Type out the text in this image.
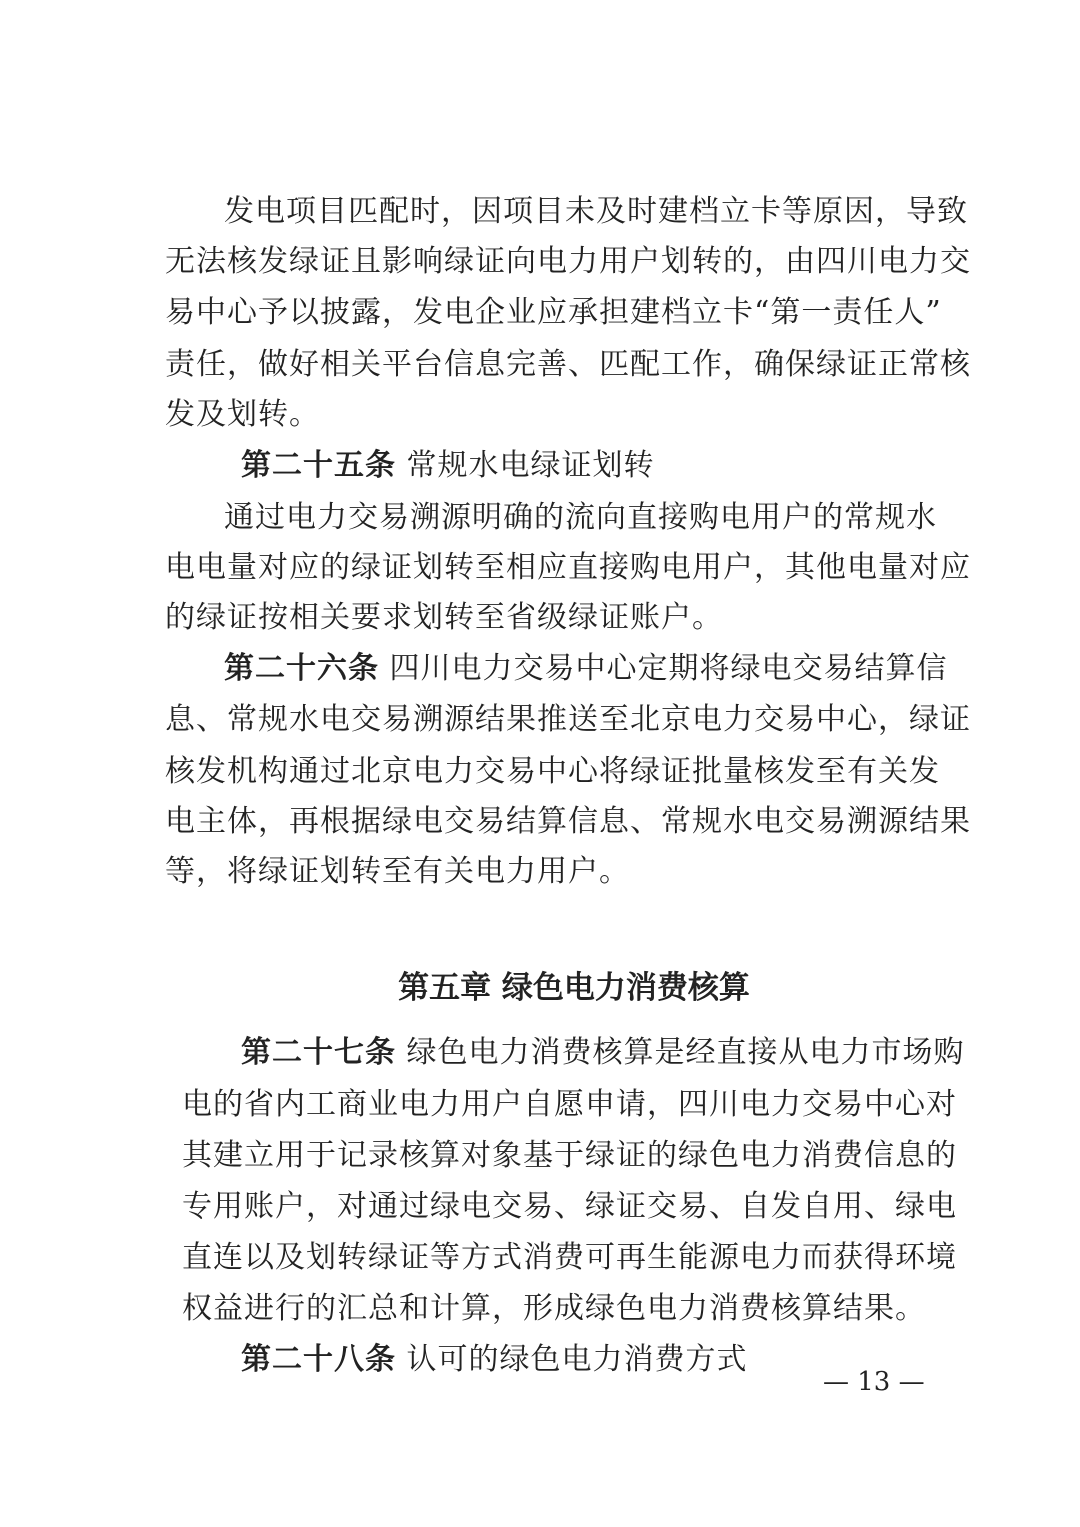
发电项目匹配时，因项目未及时建档立卡等原因，导致
无法核发绿证且影响绿证向电力用户划转的，由四川电力交
易中心予以披露，发电企业应承担建档立卡“第一责任人”
责任，做好相关平台信息完善、匹配工作，确保绿证正常核
发及划转。
第二十五条 常规水电绿证划转
通过电力交易溯源明确的流向直接购电用户的常规水
电电量对应的绿证划转至相应直接购电用户，其他电量对应
的绿证按相关要求划转至省级绿证账户。
第二十六条 四川电力交易中心定期将绿电交易结算信
息、常规水电交易溯源结果推送至北京电力交易中心，绿证
核发机构通过北京电力交易中心将绿证批量核发至有关发
电主体，再根据绿电交易结算信息、常规水电交易溯源结果
等，将绿证划转至有关电力用户。
第五章 绿色电力消费核算
第二十七条 绿色电力消费核算是经直接从电力市场购
电的省内工商业电力用户自愿申请，四川电力交易中心对
其建立用于记录核算对象基于绿证的绿色电力消费信息的
专用账户，对通过绿电交易、绿证交易、自发自用、绿电
直连以及划转绿证等方式消费可再生能源电力而获得环境
权益进行的汇总和计算，形成绿色电力消费核算结果。
第二十八条 认可的绿色电力消费方式
— 13 —
